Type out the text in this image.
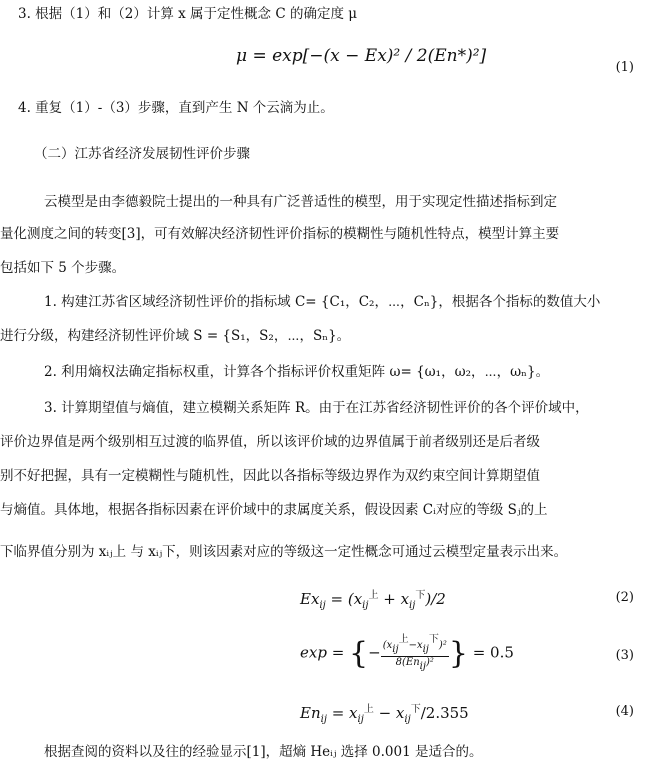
3. 根据（1）和（2）计算 x 属于定性概念 C 的确定度 μ
μ = exp[−(x − Ex)² / 2(En*)²]
(1)
4. 重复（1）-（3）步骤，直到产生 N 个云滴为止。
（二）江苏省经济发展韧性评价步骤
云模型是由李德毅院士提出的一种具有广泛普适性的模型，用于实现定性描述指标到定
量化测度之间的转变[3]，可有效解决经济韧性评价指标的模糊性与随机性特点，模型计算主要
包括如下 5 个步骤。
1. 构建江苏省区域经济韧性评价的指标域 C= {C₁，C₂，⋯，Cₙ}，根据各个指标的数值大小
进行分级，构建经济韧性评价域 S = {S₁，S₂，⋯，Sₙ}。
2. 利用熵权法确定指标权重，计算各个指标评价权重矩阵 ω= {ω₁，ω₂，⋯，ωₙ}。
3. 计算期望值与熵值，建立模糊关系矩阵 R。由于在江苏省经济韧性评价的各个评价域中，
评价边界值是两个级别相互过渡的临界值，所以该评价域的边界值属于前者级别还是后者级
别不好把握，具有一定模糊性与随机性，因此以各指标等级边界作为双约束空间计算期望值
与熵值。具体地，根据各指标因素在评价域中的隶属度关系，假设因素 Cᵢ对应的等级 Sⱼ的上
下临界值分别为 xᵢⱼ上 与 xᵢⱼ下，则该因素对应的等级这一定性概念可通过云模型定量表示出来。
$Ex_{ij} = (x_{ij}^上 + x_{ij}^下)/2$	(2)
exp = {− $\frac{\text{(xij上−xij下)²}}{\text{8(Enij)²}}$ } = 0.5	(3)
$En_{ij} = x_{ij}^上 - x_{ij}^下/2.355$	(4)
根据查阅的资料以及往的经验显示[1]，超熵 Heᵢⱼ 选择 0.001 是适合的。
